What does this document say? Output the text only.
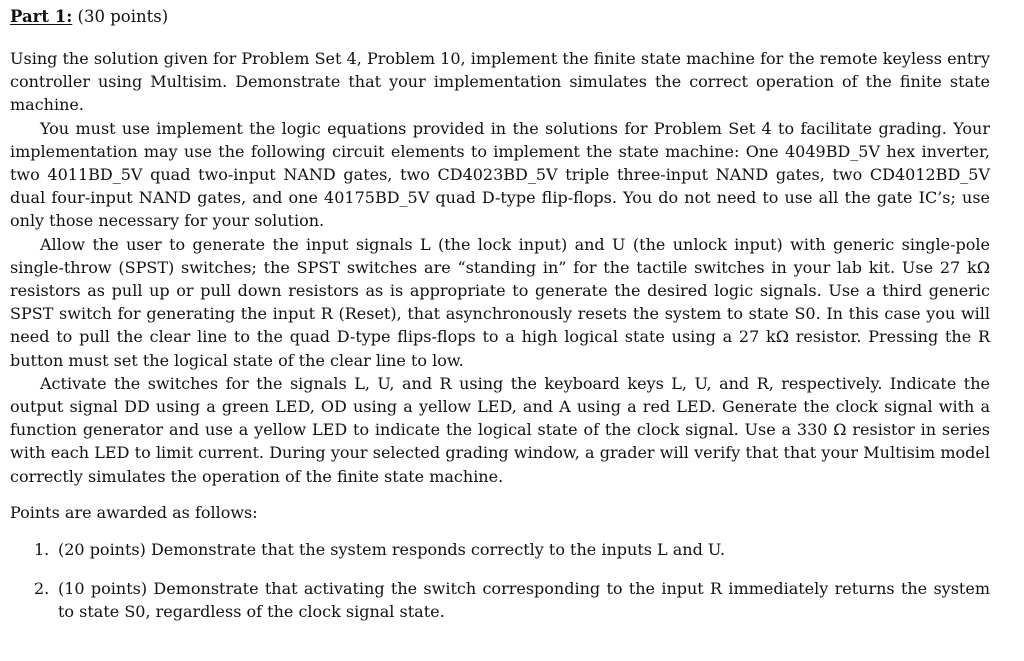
Part 1: (30 points)

Using the solution given for Problem Set 4, Problem 10, implement the finite state machine for the remote keyless entry controller using Multisim. Demonstrate that your implementation simulates the correct operation of the finite state machine.

You must use implement the logic equations provided in the solutions for Problem Set 4 to facilitate grading. Your implementation may use the following circuit elements to implement the state machine: One 4049BD_5V hex inverter, two 4011BD_5V quad two-input NAND gates, two CD4023BD_5V triple three-input NAND gates, two CD4012BD_5V dual four-input NAND gates, and one 40175BD_5V quad D-type flip-flops. You do not need to use all the gate IC’s; use only those necessary for your solution.

Allow the user to generate the input signals L (the lock input) and U (the unlock input) with generic single-pole single-throw (SPST) switches; the SPST switches are “standing in” for the tactile switches in your lab kit. Use 27 kΩ resistors as pull up or pull down resistors as is appropriate to generate the desired logic signals. Use a third generic SPST switch for generating the input R (Reset), that asynchronously resets the system to state S0. In this case you will need to pull the clear line to the quad D-type flips-flops to a high logical state using a 27 kΩ resistor. Pressing the R button must set the logical state of the clear line to low.

Activate the switches for the signals L, U, and R using the keyboard keys L, U, and R, respectively. Indicate the output signal DD using a green LED, OD using a yellow LED, and A using a red LED. Generate the clock signal with a function generator and use a yellow LED to indicate the logical state of the clock signal. Use a 330 Ω resistor in series with each LED to limit current. During your selected grading window, a grader will verify that that your Multisim model correctly simulates the operation of the finite state machine.

Points are awarded as follows:

1. (20 points) Demonstrate that the system responds correctly to the inputs L and U.
2. (10 points) Demonstrate that activating the switch corresponding to the input R immediately returns the system to state S0, regardless of the clock signal state.
